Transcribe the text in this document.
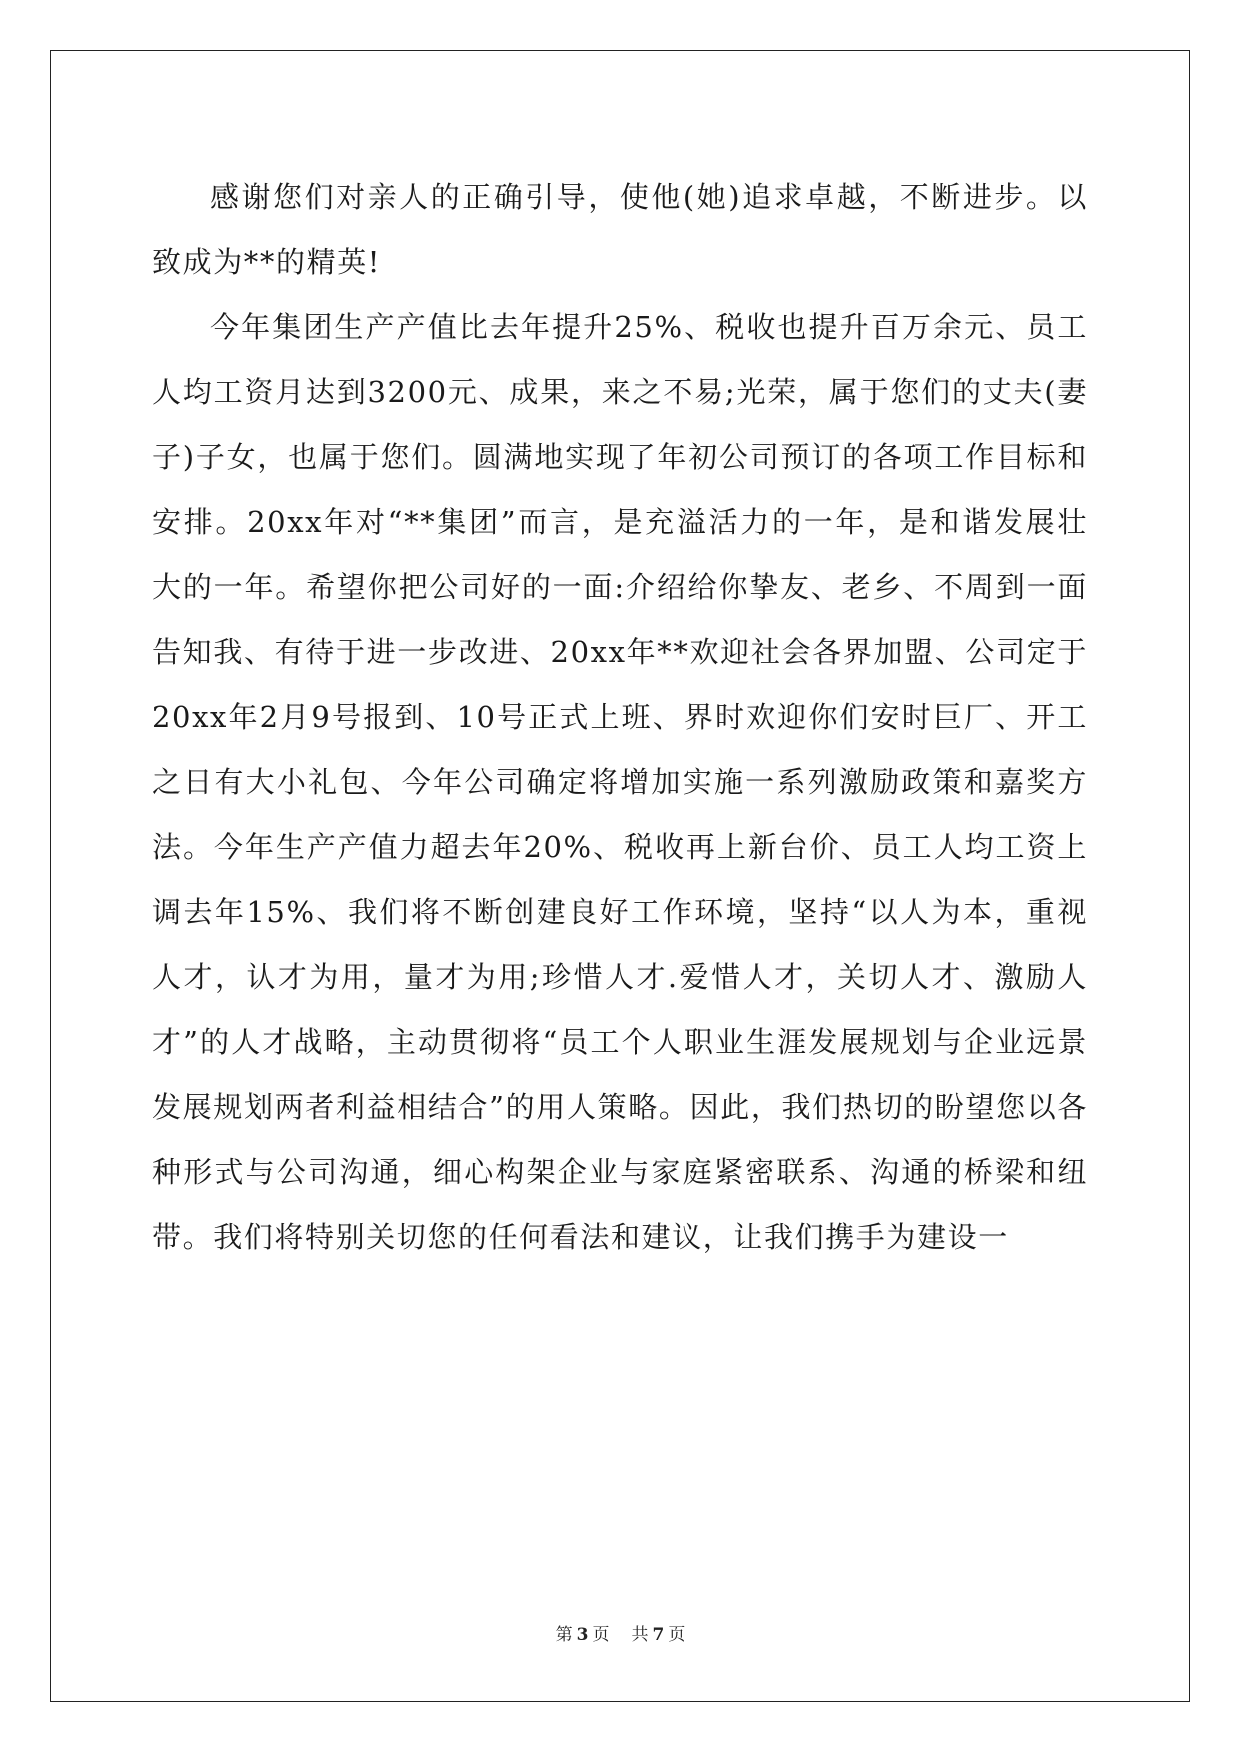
感谢您们对亲人的正确引导，使他(她)追求卓越，不断进步。以致成为**的精英!

今年集团生产产值比去年提升25%、税收也提升百万余元、员工人均工资月达到3200元、成果，来之不易;光荣，属于您们的丈夫(妻子)子女，也属于您们。圆满地实现了年初公司预订的各项工作目标和安排。20xx年对“**集团”而言，是充溢活力的一年，是和谐发展壮大的一年。希望你把公司好的一面:介绍给你挚友、老乡、不周到一面告知我、有待于进一步改进、20xx年**欢迎社会各界加盟、公司定于20xx年2月9号报到、10号正式上班、界时欢迎你们安时巨厂、开工之日有大小礼包、今年公司确定将增加实施一系列激励政策和嘉奖方法。今年生产产值力超去年20%、税收再上新台价、员工人均工资上调去年15%、我们将不断创建良好工作环境，坚持“以人为本，重视人才，认才为用，量才为用;珍惜人才.爱惜人才，关切人才、激励人才”的人才战略，主动贯彻将“员工个人职业生涯发展规划与企业远景发展规划两者利益相结合”的用人策略。因此，我们热切的盼望您以各种形式与公司沟通，细心构架企业与家庭紧密联系、沟通的桥梁和纽带。我们将特别关切您的任何看法和建议，让我们携手为建设一

第 3 页 共 7 页
